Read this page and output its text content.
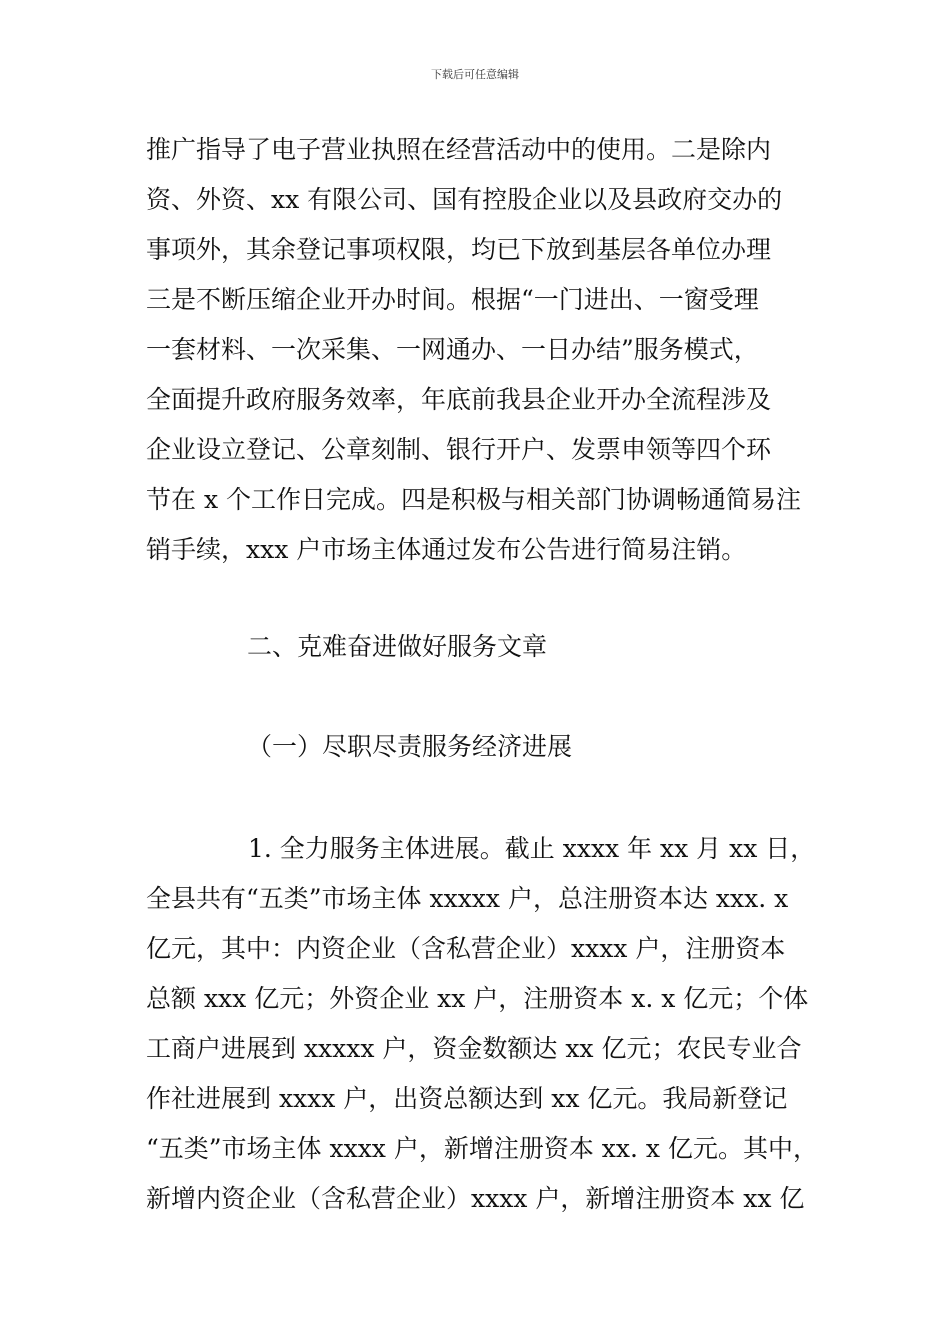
下载后可任意编辑
推广指导了电子营业执照在经营活动中的使用。二是除内
资、外资、xx 有限公司、国有控股企业以及县政府交办的
事项外，其余登记事项权限，均已下放到基层各单位办理
三是不断压缩企业开办时间。根据“一门进出、一窗受理
一套材料、一次采集、一网通办、一日办结”服务模式，
全面提升政府服务效率，年底前我县企业开办全流程涉及
企业设立登记、公章刻制、银行开户、发票申领等四个环
节在 x 个工作日完成。四是积极与相关部门协调畅通简易注
销手续，xxx 户市场主体通过发布公告进行简易注销。
二、克难奋进做好服务文章
（一）尽职尽责服务经济进展
1. 全力服务主体进展。截止 xxxx 年 xx 月 xx 日，
全县共有“五类”市场主体 xxxxx 户，总注册资本达 xxx. x
亿元，其中：内资企业（含私营企业）xxxx 户，注册资本
总额 xxx 亿元；外资企业 xx 户，注册资本 x. x 亿元；个体
工商户进展到 xxxxx 户，资金数额达 xx 亿元；农民专业合
作社进展到 xxxx 户，出资总额达到 xx 亿元。我局新登记
“五类”市场主体 xxxx 户，新增注册资本 xx. x 亿元。其中，
新增内资企业（含私营企业）xxxx 户，新增注册资本 xx 亿
